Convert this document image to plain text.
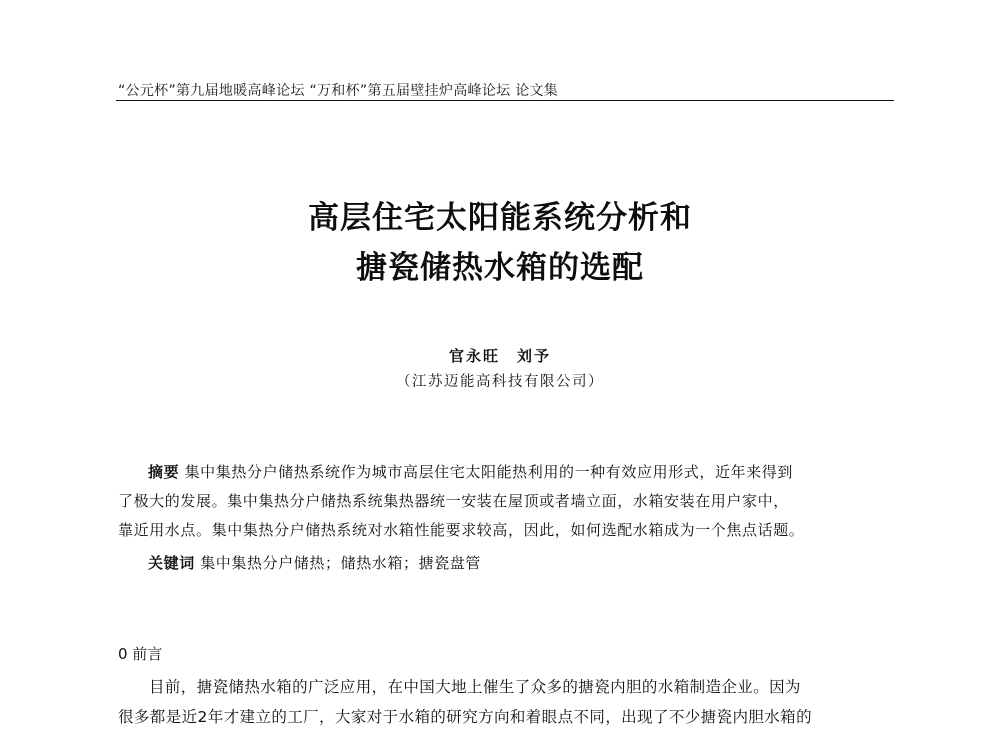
“公元杯”第九届地暖高峰论坛 “万和杯”第五届壁挂炉高峰论坛 论文集
高层住宅太阳能系统分析和
搪瓷储热水箱的选配
官永旺　刘予
（江苏迈能高科技有限公司）
摘要 集中集热分户储热系统作为城市高层住宅太阳能热利用的一种有效应用形式，近年来得到
了极大的发展。集中集热分户储热系统集热器统一安装在屋顶或者墙立面，水箱安装在用户家中，
靠近用水点。集中集热分户储热系统对水箱性能要求较高，因此，如何选配水箱成为一个焦点话题。
关键词 集中集热分户储热；储热水箱；搪瓷盘管
0 前言
目前，搪瓷储热水箱的广泛应用，在中国大地上催生了众多的搪瓷内胆的水箱制造企业。因为
很多都是近2年才建立的工厂，大家对于水箱的研究方向和着眼点不同，出现了不少搪瓷内胆水箱的
